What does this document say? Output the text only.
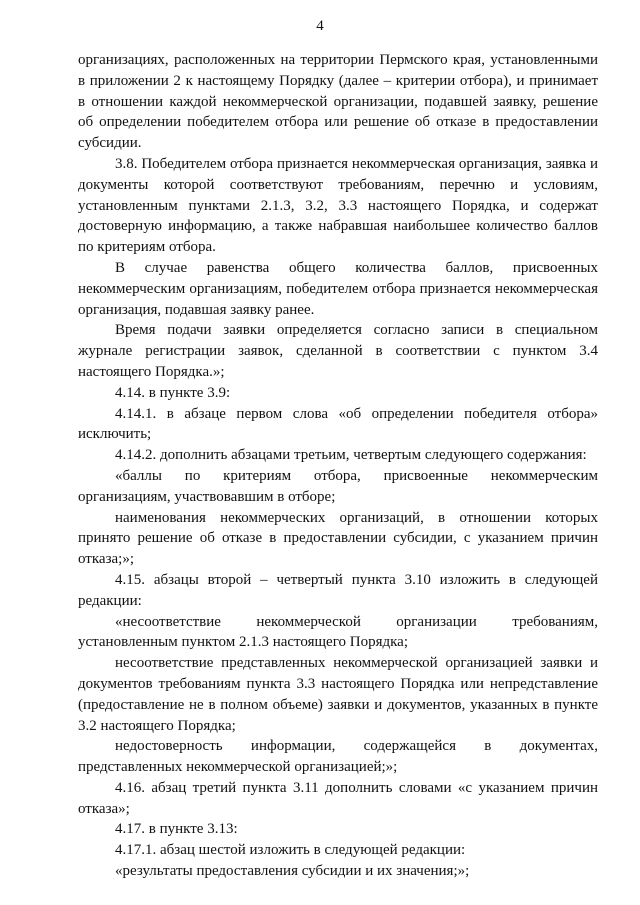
4

организациях, расположенных на территории Пермского края, установленными в приложении 2 к настоящему Порядку (далее – критерии отбора), и принимает в отношении каждой некоммерческой организации, подавшей заявку, решение об определении победителем отбора или решение об отказе в предоставлении субсидии.

3.8. Победителем отбора признается некоммерческая организация, заявка и документы которой соответствуют требованиям, перечню и условиям, установленным пунктами 2.1.3, 3.2, 3.3 настоящего Порядка, и содержат достоверную информацию, а также набравшая наибольшее количество баллов по критериям отбора.

В случае равенства общего количества баллов, присвоенных некоммерческим организациям, победителем отбора признается некоммерческая организация, подавшая заявку ранее.

Время подачи заявки определяется согласно записи в специальном журнале регистрации заявок, сделанной в соответствии с пунктом 3.4 настоящего Порядка.»;

4.14. в пункте 3.9:

4.14.1. в абзаце первом слова «об определении победителя отбора» исключить;

4.14.2. дополнить абзацами третьим, четвертым следующего содержания:

«баллы по критериям отбора, присвоенные некоммерческим организациям, участвовавшим в отборе;

наименования некоммерческих организаций, в отношении которых принято решение об отказе в предоставлении субсидии, с указанием причин отказа;»;

4.15. абзацы второй – четвертый пункта 3.10 изложить в следующей редакции:

«несоответствие некоммерческой организации требованиям, установленным пунктом 2.1.3 настоящего Порядка;

несоответствие представленных некоммерческой организацией заявки и документов требованиям пункта 3.3 настоящего Порядка или непредставление (предоставление не в полном объеме) заявки и документов, указанных в пункте 3.2 настоящего Порядка;

недостоверность информации, содержащейся в документах, представленных некоммерческой организацией;»;

4.16. абзац третий пункта 3.11 дополнить словами «с указанием причин отказа»;

4.17. в пункте 3.13:

4.17.1. абзац шестой изложить в следующей редакции:

«результаты предоставления субсидии и их значения;»;
